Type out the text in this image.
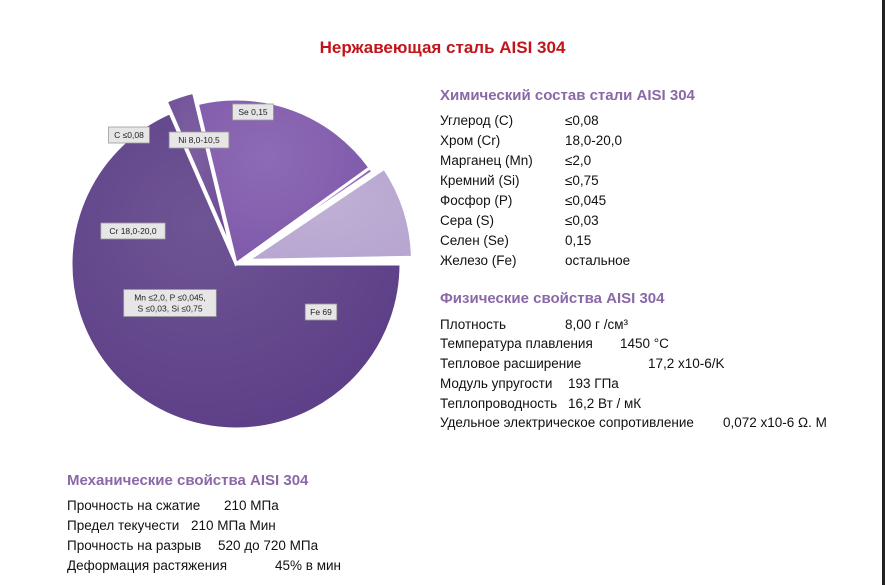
Нержавеющая сталь AISI 304
Fe 69
Mn ≤2,0, P ≤0,045,
S ≤0,03, Si ≤0,75
Cr 18,0-20,0
C ≤0,08	Ni 8,0-10,5
Se 0,15
Химический состав стали AISI 304
Углерод (C)	≤0,08
Хром (Cr)	18,0-20,0
Марганец (Mn) ≤2,0
Кремний (Si)	≤0,75
Фосфор (P)	≤0,045
Сера (S)	≤0,03
Селен (Se)	0,15
Железо (Fe)	остальное
Физические свойства AISI 304
Плотность	8,00 г /см³
Температура плавления 1450 °C
Тепловое расширение	17,2 х10-6/K
Модуль упругости 193 ГПа
Теплопроводность 16,2 Вт / мК
Удельное электрическое сопротивление 0,072 х10-6 Ω. М
Механические свойства AISI 304
Прочность на сжатие 210 МПа
Предел текучести 210 МПа Мин
Прочность на разрыв 520 до 720 МПа
Деформация растяжения	45% в мин
